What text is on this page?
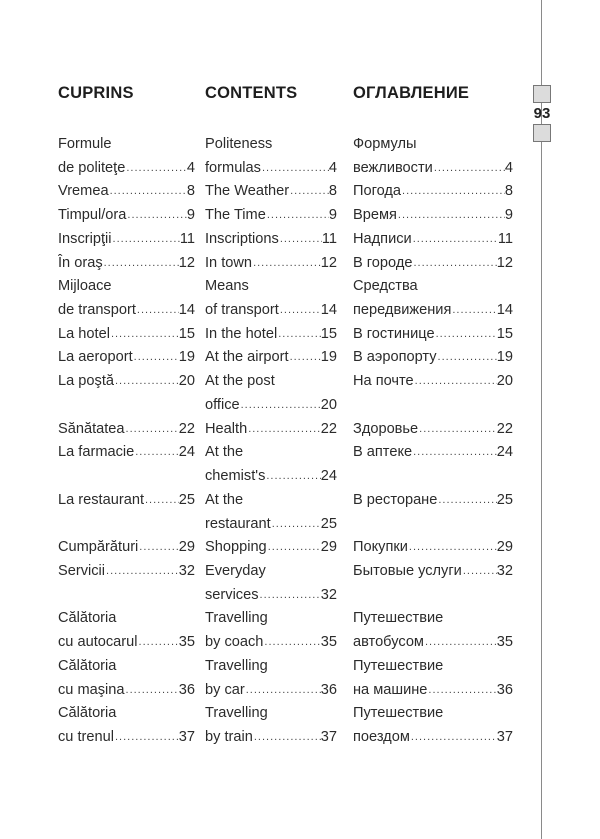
93
CUPRINS	CONTENTS	ОГЛАВЛЕНИЕ
Formule	Politeness	Формулы
de politeţe .....	4 formulas .....	4 вежливости .....	4
Vremea .....	8 The Weather .....	8 Погода .....	8
Timpul/ora .....	9 The Time .....	9 Время .....	9
Inscripţii .....	11 Inscriptions .....	11 Надписи .....	11
În oraş .....	12 In town .....	12 В городе .....	12
Mijloace	Means	Средства
de transport .....	14 of transport .....	14 передвижения .....	14
La hotel .....	15 In the hotel .....	15 В гостинице .....	15
La aeroport .....	19 At the airport ..... 19 В аэропорту .....	19
La poştă .....	20 At the post	На почте .....	20
office .....	20
Sănătatea .....	22 Health .....	22 Здоровье .....	22
La farmacie .....	24 At the	В аптеке .....	24
chemist's .....	24
La restaurant ..... 25 At the	В ресторане .....	25
restaurant .....	25
Cumpărături .....	29 Shopping .....	29 Покупки .....	29
Servicii .....	32 Everyday	Бытовые услуги ..... 32
services .....	32
Călătoria	Travelling	Путешествие
cu autocarul .....	35 by coach .....	35 автобусом .....	35
Călătoria	Travelling	Путешествие
cu maşina .....	36 by car .....	36 на машине .....	36
Călătoria	Travelling	Путешествие
cu trenul .....	37 by train .....	37 поездом .....	37
